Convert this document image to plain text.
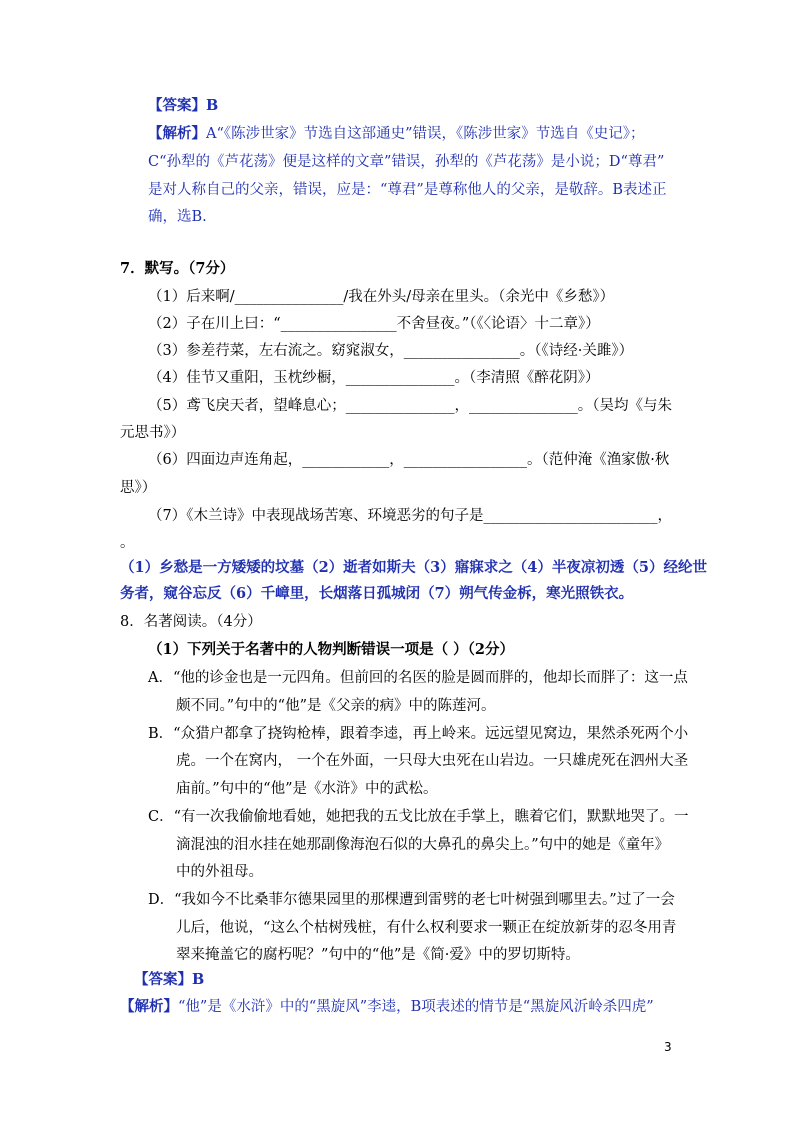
【答案】B
【解析】A“《陈涉世家》节选自这部通史”错误，《陈涉世家》节选自《史记》；
C“孙犁的《芦花荡》便是这样的文章”错误，孙犁的《芦花荡》是小说；D“尊君”
是对人称自己的父亲，错误，应是：“尊君”是尊称他人的父亲，是敬辞。B表述正
确，选B.
7．默写。（7分）
（1）后来啊/_______________/我在外头/母亲在里头。（余光中《乡愁》）
（2）子在川上曰：“________________不舍昼夜。”（《〈论语〉十二章》）
（3）参差荇菜，左右流之。窈窕淑女，________________。（《诗经·关雎》）
（4）佳节又重阳，玉枕纱橱，_______________。（李清照《醉花阴》）
（5）鸢飞戾天者，望峰息心；_______________，_______________。（吴均《与朱
元思书》）
（6）四面边声连角起，____________，_________________。（范仲淹《渔家傲·秋
思》）
（7）《木兰诗》中表现战场苦寒、环境恶劣的句子是________________________，
。
（1）乡愁是一方矮矮的坟墓（2）逝者如斯夫（3）寤寐求之（4）半夜凉初透（5）经纶世
务者，窥谷忘反（6）千嶂里，长烟落日孤城闭（7）朔气传金柝，寒光照铁衣。
8．名著阅读。（4分）
（1）下列关于名著中的人物判断错误一项是（ ）（2分）
A．“他的诊金也是一元四角。但前回的名医的脸是圆而胖的，他却长而胖了：这一点
颇不同。”句中的“他”是《父亲的病》中的陈莲河。
B．“众猎户都拿了挠钩枪棒，跟着李逵，再上岭来。远远望见窝边，果然杀死两个小
虎。一个在窝内， 一个在外面，一只母大虫死在山岩边。一只雄虎死在泗州大圣
庙前。”句中的“他”是《水浒》中的武松。
C．“有一次我偷偷地看她，她把我的五戈比放在手掌上，瞧着它们，默默地哭了。一
滴混浊的泪水挂在她那副像海泡石似的大鼻孔的鼻尖上。”句中的她是《童年》
中的外祖母。
D．“我如今不比桑菲尔德果园里的那棵遭到雷劈的老七叶树强到哪里去。”过了一会
儿后，他说，“这么个枯树残桩，有什么权利要求一颗正在绽放新芽的忍冬用青
翠来掩盖它的腐朽呢？”句中的“他”是《简·爱》中的罗切斯特。
【答案】B
【解析】“他”是《水浒》中的“黑旋风”李逵，B项表述的情节是“黑旋风沂岭杀四虎”
3
